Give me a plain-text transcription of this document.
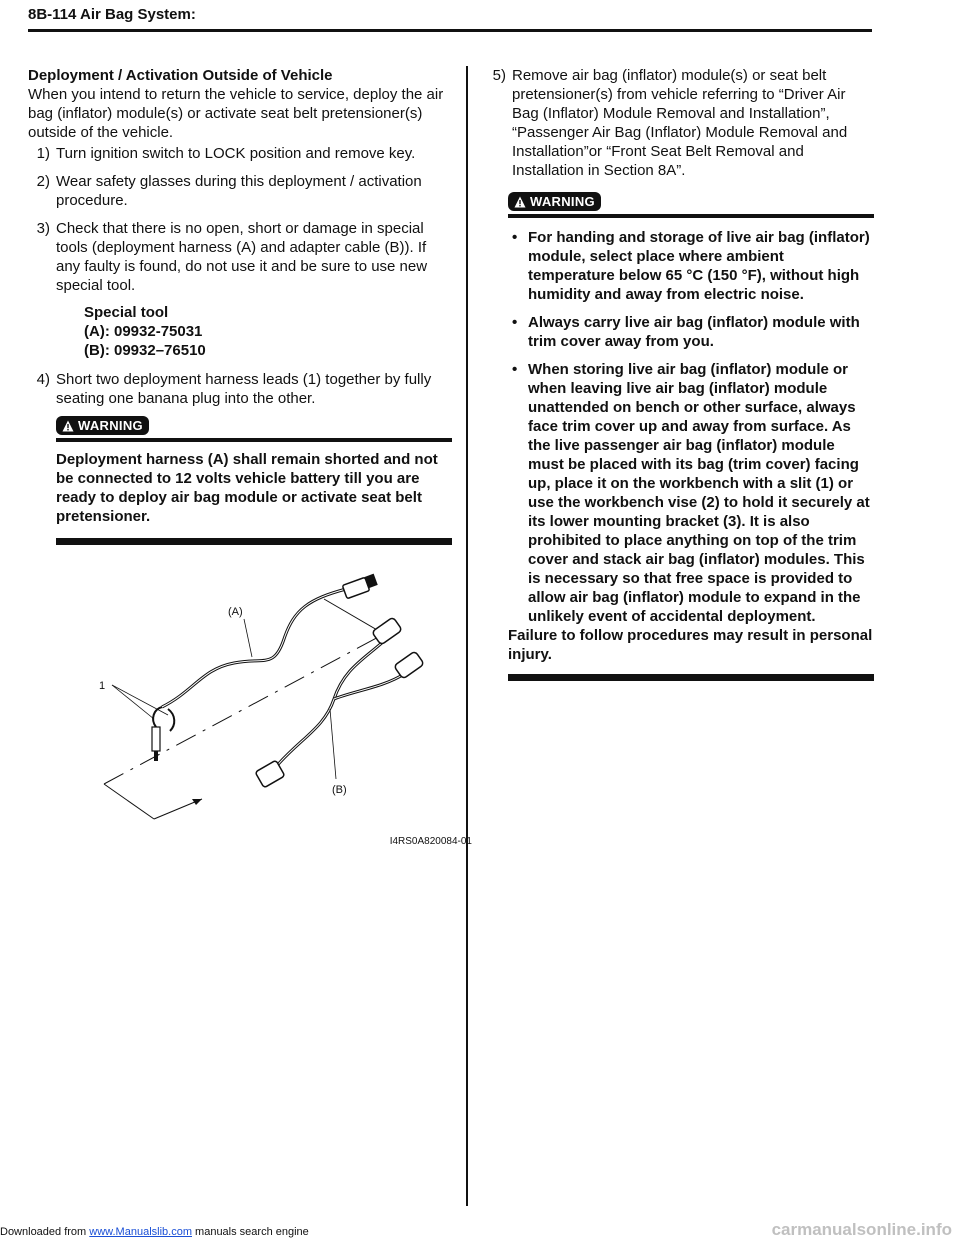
8B-114 Air Bag System:
Deployment / Activation Outside of Vehicle

When you intend to return the vehicle to service, deploy the air bag (inflator) module(s) or activate seat belt pretensioner(s) outside of the vehicle.

1) Turn ignition switch to LOCK position and remove key.
2) Wear safety glasses during this deployment / activation procedure.
3) Check that there is no open, short or damage in special tools (deployment harness (A) and adapter cable (B)). If any faulty is found, do not use it and be sure to use new special tool.
Special tool
(A): 09932-75031
(B): 09932–76510
4) Short two deployment harness leads (1) together by fully seating one banana plug into the other.
WARNING
Deployment harness (A) shall remain shorted and not be connected to 12 volts vehicle battery till you are ready to deploy air bag module or activate seat belt pretensioner.
(A)
1
(B)
I4RS0A820084-01
5) Remove air bag (inflator) module(s) or seat belt pretensioner(s) from vehicle referring to “Driver Air Bag (Inflator) Module Removal and Installation”, “Passenger Air Bag (Inflator) Module Removal and Installation”or “Front Seat Belt Removal and Installation in Section 8A”.
WARNING
• For handing and storage of live air bag (inflator) module, select place where ambient temperature below 65 °C (150 °F), without high humidity and away from electric noise.
• Always carry live air bag (inflator) module with trim cover away from you.
• When storing live air bag (inflator) module or when leaving live air bag (inflator) module unattended on bench or other surface, always face trim cover up and away from surface. As the live passenger air bag (inflator) module must be placed with its bag (trim cover) facing up, place it on the workbench with a slit (1) or use the workbench vise (2) to hold it securely at its lower mounting bracket (3). It is also prohibited to place anything on top of the trim cover and stack air bag (inflator) modules. This is necessary so that free space is provided to allow air bag (inflator) module to expand in the unlikely event of accidental deployment.
Failure to follow procedures may result in personal injury.
Downloaded from www.Manualslib.com manuals search engine	carmanualsonline.info
